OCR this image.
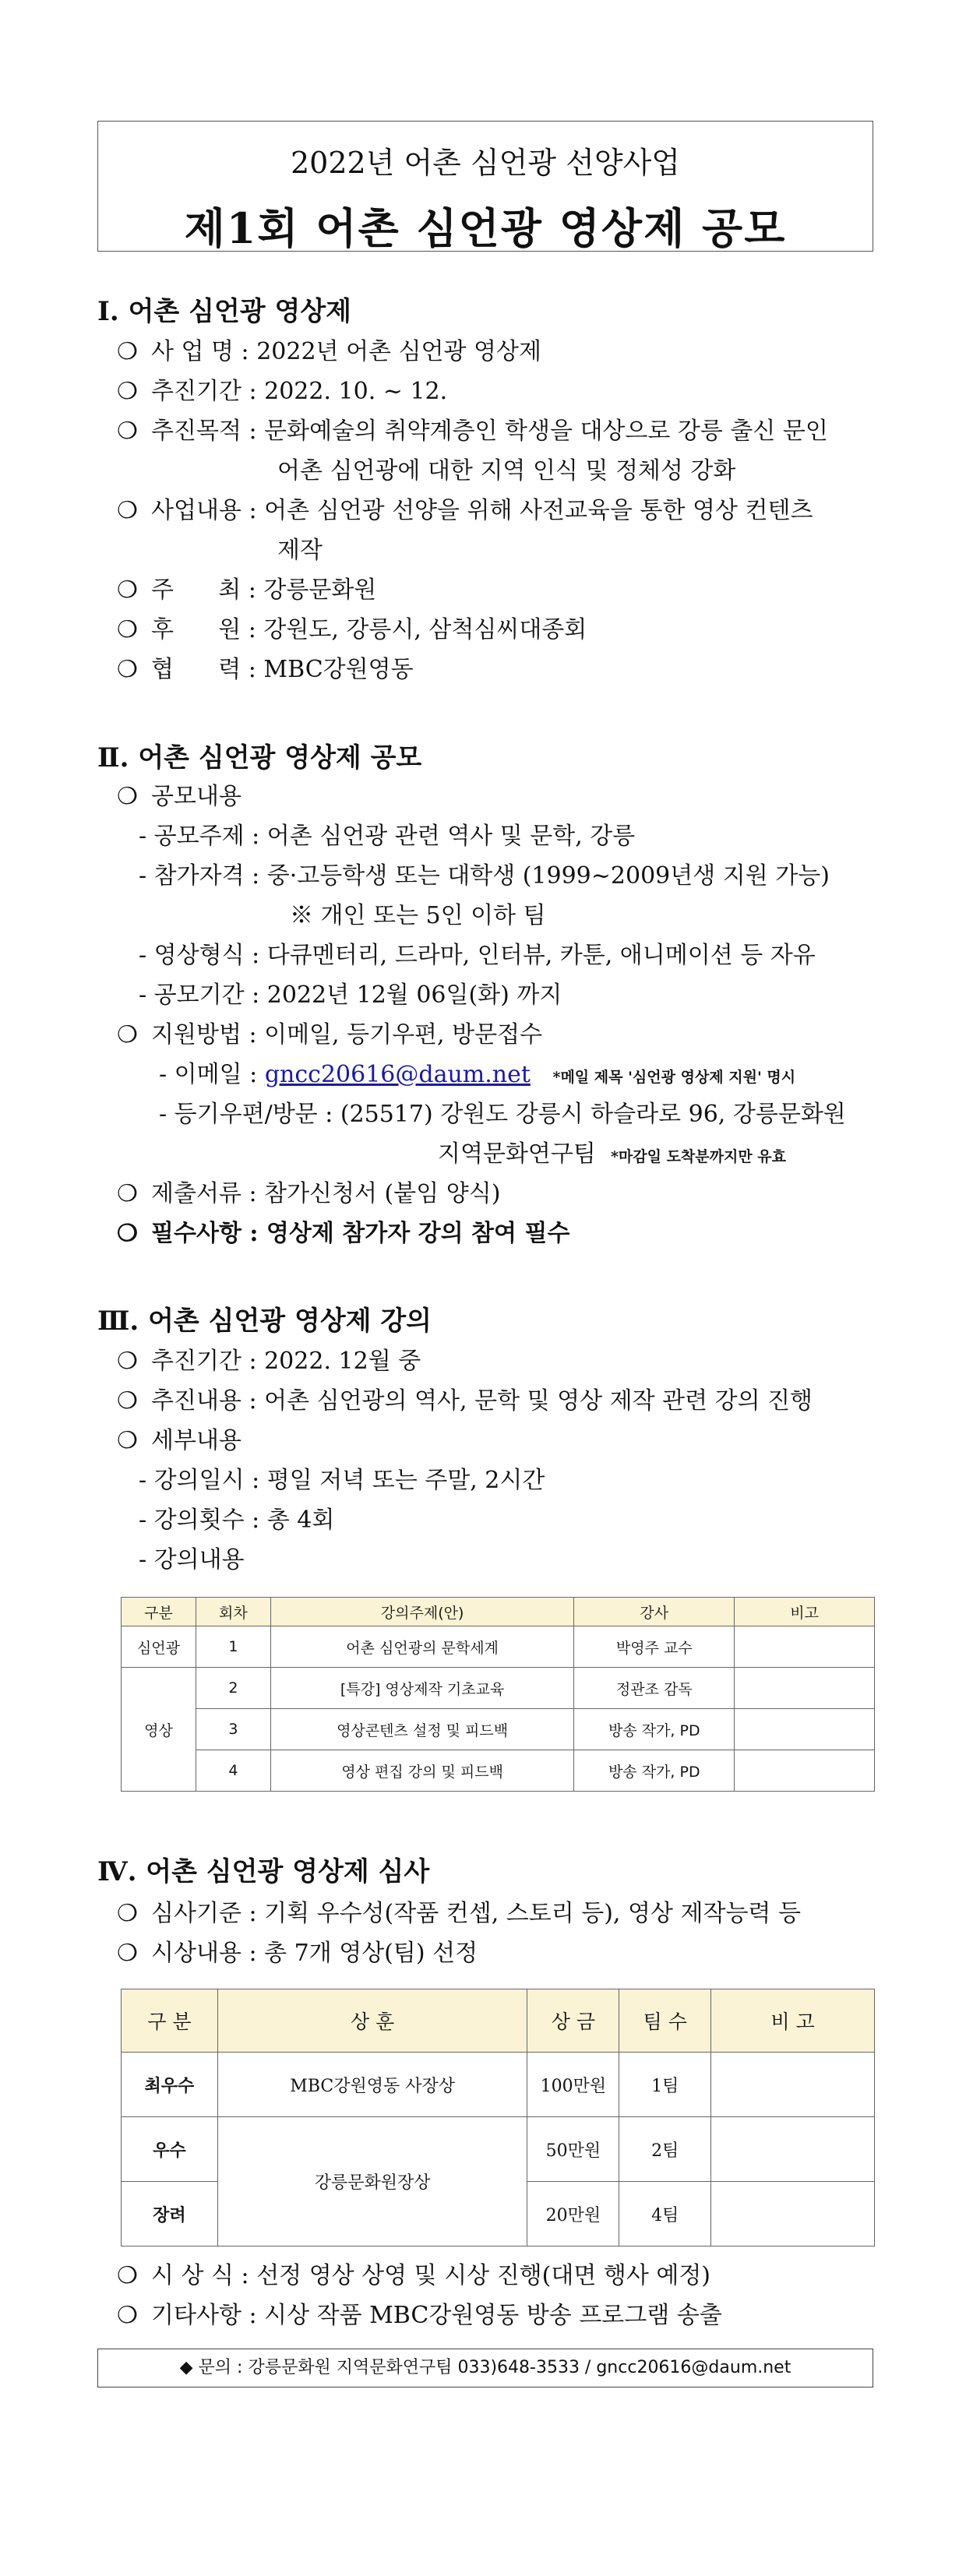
2022년 어촌 심언광 선양사업
제1회 어촌 심언광 영상제 공모
Ⅰ. 어촌 심언광 영상제
❍ 사 업 명 : 2022년 어촌 심언광 영상제
❍ 추진기간 : 2022. 10. ~ 12.
❍ 추진목적 : 문화예술의 취약계층인 학생을 대상으로 강릉 출신 문인
어촌 심언광에 대한 지역 인식 및 정체성 강화
❍ 사업내용 : 어촌 심언광 선양을 위해 사전교육을 통한 영상 컨텐츠
제작
❍ 주      최 : 강릉문화원
❍ 후      원 : 강원도, 강릉시, 삼척심씨대종회
❍ 협      력 : MBC강원영동
Ⅱ. 어촌 심언광 영상제 공모
❍ 공모내용
- 공모주제 : 어촌 심언광 관련 역사 및 문학, 강릉
- 참가자격 : 중·고등학생 또는 대학생 (1999~2009년생 지원 가능)
※ 개인 또는 5인 이하 팀
- 영상형식 : 다큐멘터리, 드라마, 인터뷰, 카툰, 애니메이션 등 자유
- 공모기간 : 2022년 12월 06일(화) 까지
❍ 지원방법 : 이메일, 등기우편, 방문접수
- 이메일 : gncc20616@daum.net *메일 제목 '심언광 영상제 지원' 명시
- 등기우편/방문 : (25517) 강원도 강릉시 하슬라로 96, 강릉문화원
지역문화연구팀 *마감일 도착분까지만 유효
❍ 제출서류 : 참가신청서 (붙임 양식)
❍ 필수사항 : 영상제 참가자 강의 참여 필수
Ⅲ. 어촌 심언광 영상제 강의
❍ 추진기간 : 2022. 12월 중
❍ 추진내용 : 어촌 심언광의 역사, 문학 및 영상 제작 관련 강의 진행
❍ 세부내용
- 강의일시 : 평일 저녁 또는 주말, 2시간
- 강의횟수 : 총 4회
- 강의내용
구분	회차	강의주제(안)	강사	비고
심언광	1	어촌 심언광의 문학세계	박영주 교수	
영상	2	[특강] 영상제작 기초교육	정관조 감독	
	3	영상콘텐츠 설정 및 피드백	방송 작가, PD	
	4	영상 편집 강의 및 피드백	방송 작가, PD	
Ⅳ. 어촌 심언광 영상제 심사
❍ 심사기준 : 기획 우수성(작품 컨셉, 스토리 등), 영상 제작능력 등
❍ 시상내용 : 총 7개 영상(팀) 선정
구 분	상 훈	상 금	팀 수	비 고
최우수	MBC강원영동 사장상	100만원	1팀	
우수	강릉문화원장상	50만원	2팀	
장려		20만원	4팀	
❍ 시 상 식 : 선정 영상 상영 및 시상 진행(대면 행사 예정)
❍ 기타사항 : 시상 작품 MBC강원영동 방송 프로그램 송출
◆ 문의 : 강릉문화원 지역문화연구팀 033)648-3533 / gncc20616@daum.net
